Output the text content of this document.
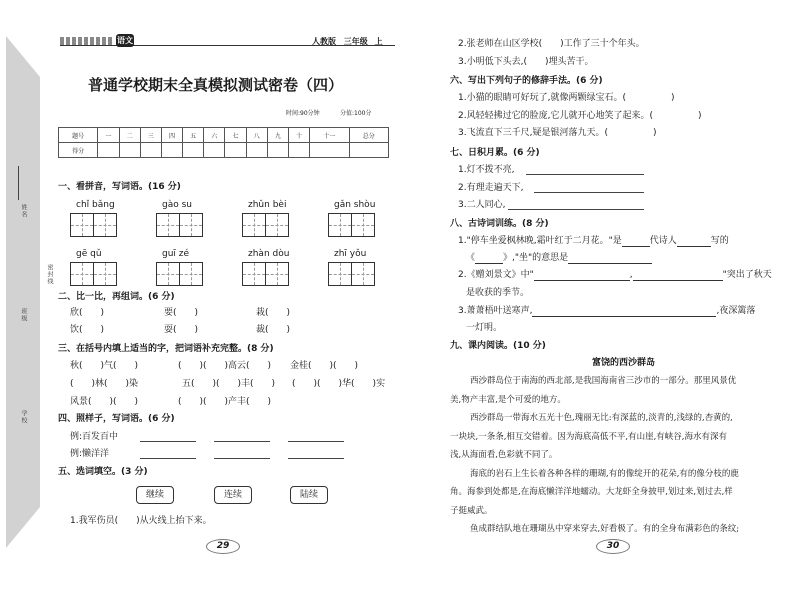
姓名
班级
学校
密封线
语文	人教版 三年级 上
普通学校期末全真模拟测试密卷（四）
时间:90分钟	分值:100分
题号	一	二	三	四	五	六	七	八	九	十	十一	总分
得分												
一、看拼音，写词语。(16 分)
chǐ bǎng	gào su	zhǔn bèi	gǎn shòu
gē qǔ	guī zé	zhàn dòu	zhī yǒu
二、比一比，再组词。(6 分)
欣(　　)	要(　　)	栽(　　)
饮(　　)	耍(　　)	裁(　　)
三、在括号内填上适当的字，把词语补充完整。(8 分)
秋(　　)气(　　)	(　　)(　　)高云(　　) 金桂(　　)(　　)
(　　)林(　　)染	五(　　)(　　)丰(　　) (　　)(　　)华(　　)实
风景(　　)(　　)	(　　)(　　)产丰(　　)
四、照样子，写词语。(6 分)
例:百发百中
例:懒洋洋
五、选词填空。(3 分)
继续	连续	陆续
1.我军伤员(　　)从火线上抬下来。
29
2.张老师在山区学校(　　)工作了三十个年头。
3.小明低下头去,(　　)埋头苦干。
六、写出下列句子的修辞手法。(6 分)
1.小猫的眼睛可好玩了,就像两颗绿宝石。(　　　　　)
2.风轻轻拂过它的脸庞,它儿就开心地笑了起来。(　　　　　)
3.飞流直下三千尺,疑是银河落九天。(　　　　　)
七、日积月累。(6 分)
1.灯不拨不亮,
2.有理走遍天下,
3.二人同心,
八、古诗词训练。(8 分)
1."停车坐爱枫林晚,霜叶红于二月花。"是	代诗人	写的
《	》,"坐"的意思是
2.《赠刘景文》中"	,	"突出了秋天
是收获的季节。
3.萧萧梧叶送寒声,	,夜深篱落
一灯明。
九、课内阅读。(10 分)
富饶的西沙群岛
西沙群岛位于南海的西北部,是我国海南省三沙市的一部分。那里风景优
美,物产丰富,是个可爱的地方。
西沙群岛一带海水五光十色,瑰丽无比:有深蓝的,淡青的,浅绿的,杏黄的,
一块块,一条条,相互交错着。因为海底高低不平,有山崖,有峡谷,海水有深有
浅,从海面看,色彩就不同了。
海底的岩石上生长着各种各样的珊瑚,有的像绽开的花朵,有的像分枝的鹿
角。海参到处都是,在海底懒洋洋地蠕动。大龙虾全身披甲,划过来,划过去,样
子挺威武。
鱼成群结队地在珊瑚丛中穿来穿去,好看极了。有的全身布满彩色的条纹;
30
